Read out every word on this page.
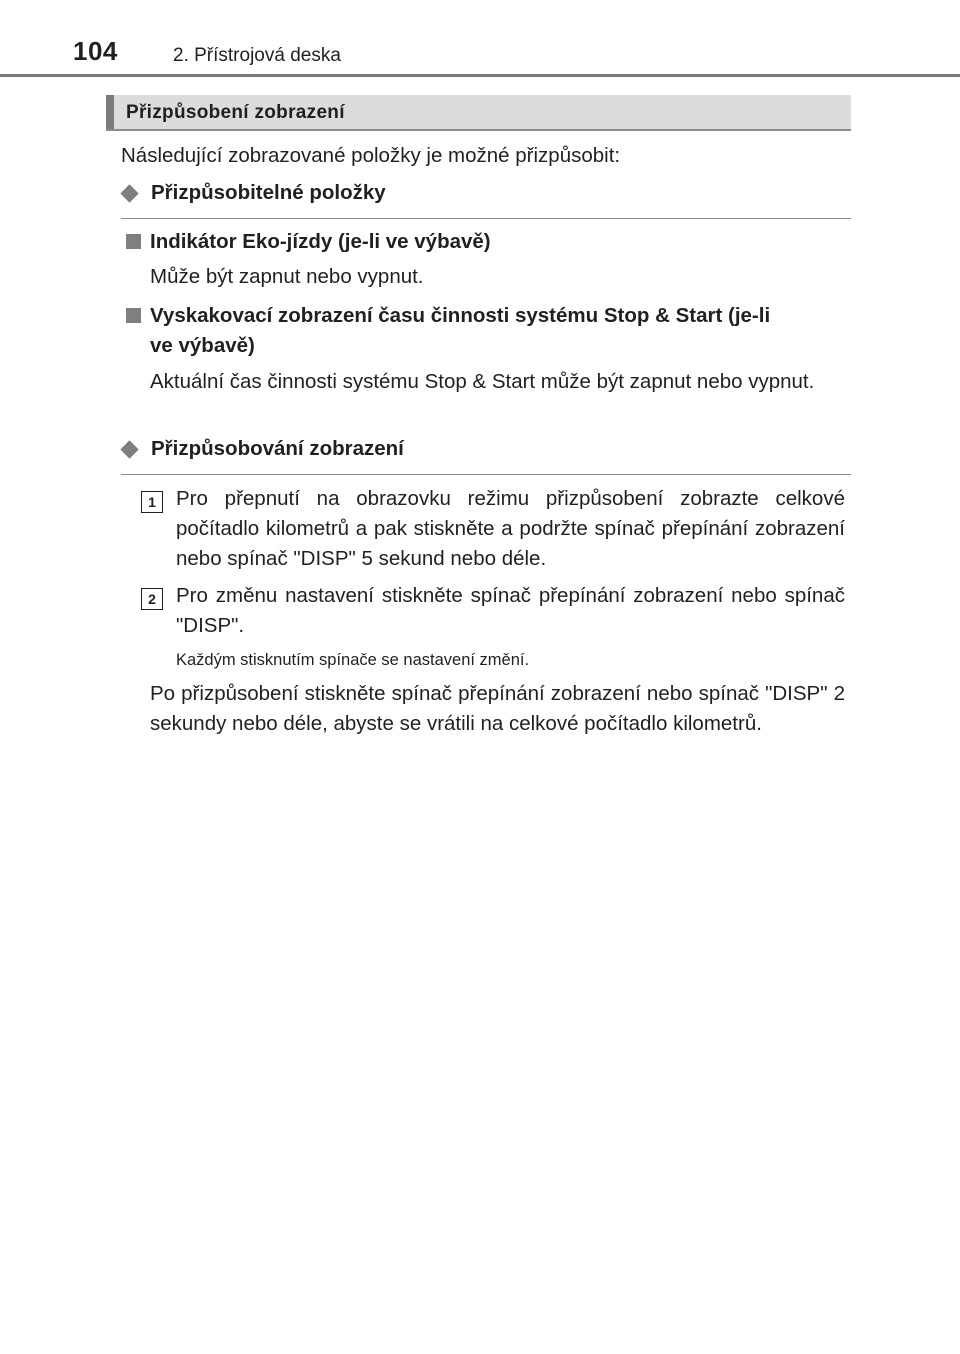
104	2. Přístrojová deska
Přizpůsobení zobrazení
Následující zobrazované položky je možné přizpůsobit:
Přizpůsobitelné položky
Indikátor Eko-jízdy (je-li ve výbavě)
Může být zapnut nebo vypnut.
Vyskakovací zobrazení času činnosti systému Stop & Start (je-li
ve výbavě)
Aktuální čas činnosti systému Stop & Start může být zapnut nebo vypnut.
Přizpůsobování zobrazení
1 Pro přepnutí na obrazovku režimu přizpůsobení zobrazte celkové počítadlo kilometrů a pak stiskněte a podržte spínač přepínání zobrazení nebo spínač "DISP" 5 sekund nebo déle.
2 Pro změnu nastavení stiskněte spínač přepínání zobrazení nebo spínač "DISP".
Každým stisknutím spínače se nastavení změní.
Po přizpůsobení stiskněte spínač přepínání zobrazení nebo spínač "DISP" 2 sekundy nebo déle, abyste se vrátili na celkové počítadlo kilometrů.
